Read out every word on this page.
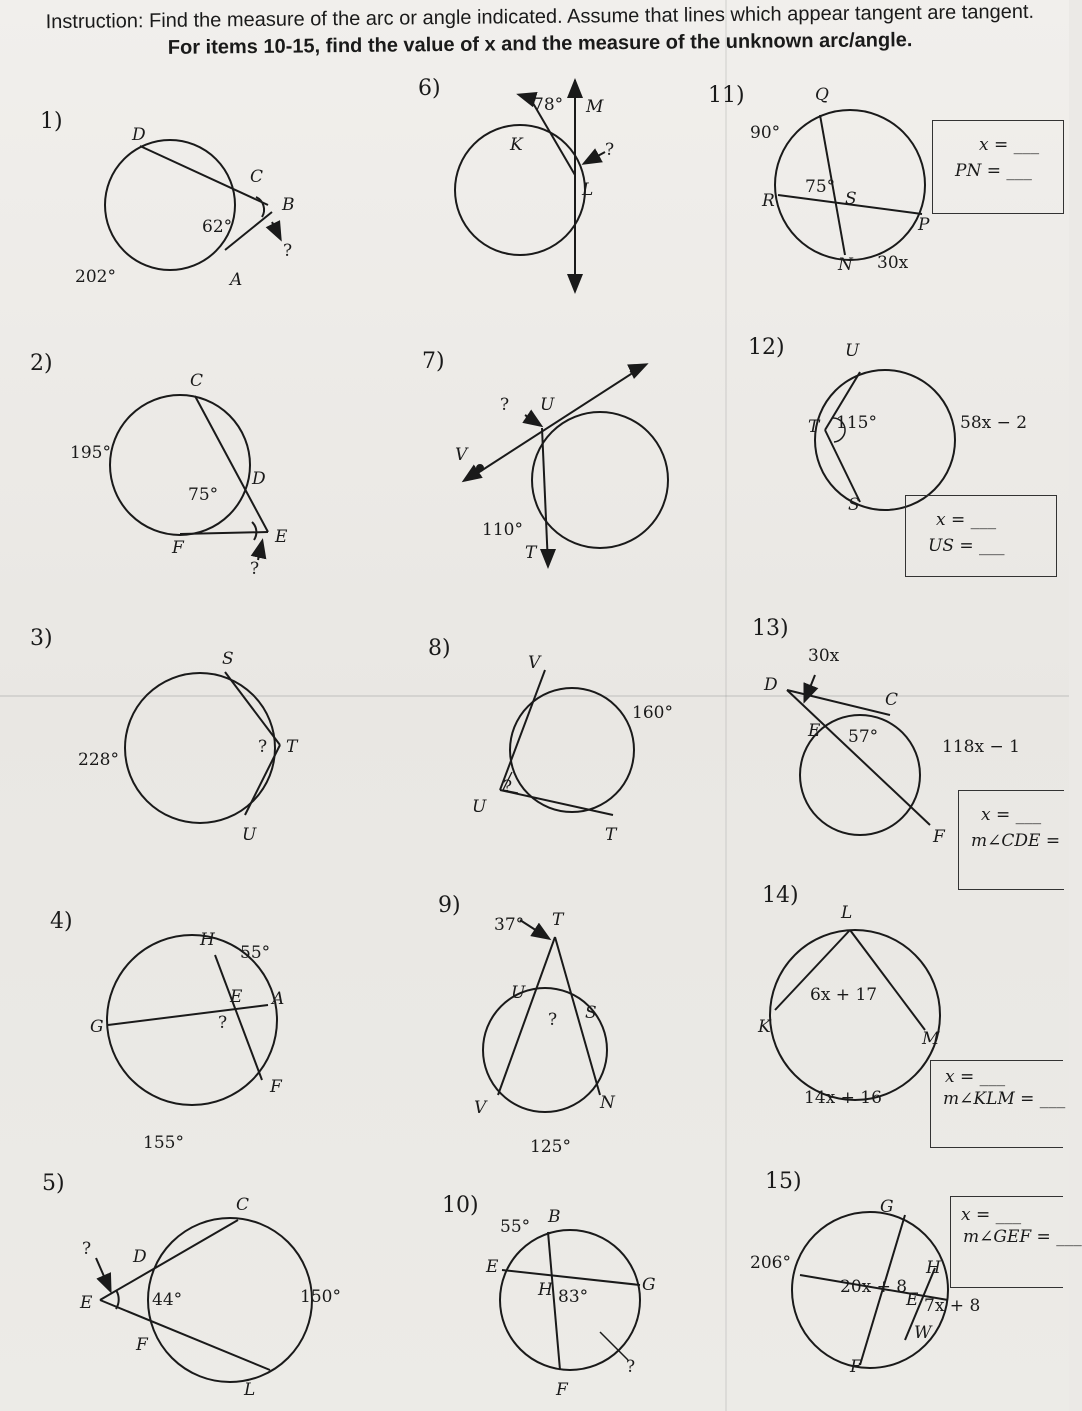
Instruction: Find the measure of the arc or angle indicated. Assume that lines which appear tangent are tangent.
For items 10-15, find the value of x and the measure of the unknown arc/angle.
1)
2)
3)
4)
5)
6)
7)
8)
9)
10)
11)
12)
13)
14)
15)
D
C
B
A
202°
62°
?
C
D
E
F
195°
75°
?
S
T
U
228°
?
H
E A
G
F
55°
155°
?
C
D
E
F
L
44°	150°
?
K
M
L
78°
?
U
V
T
110°
?
V
U
T
160°
?
T
U
S
V	N
37°
125°
?
B
E
H	G
F
55°
83°
?
Q
R	S
P
N
90°
75°
30x
U
T
S
115°	58x − 2
D
C
E
F
30x
57°	118x − 1
L
K
M
6x + 17
14x + 16
G
H
E
W
F
206°
20x + 8
7x + 8
x = ___
PN = ___
x = ___
US = ___
x = ___
m∠CDE =
x = ___
m∠KLM = ___
x = ___
m∠GEF = ___
